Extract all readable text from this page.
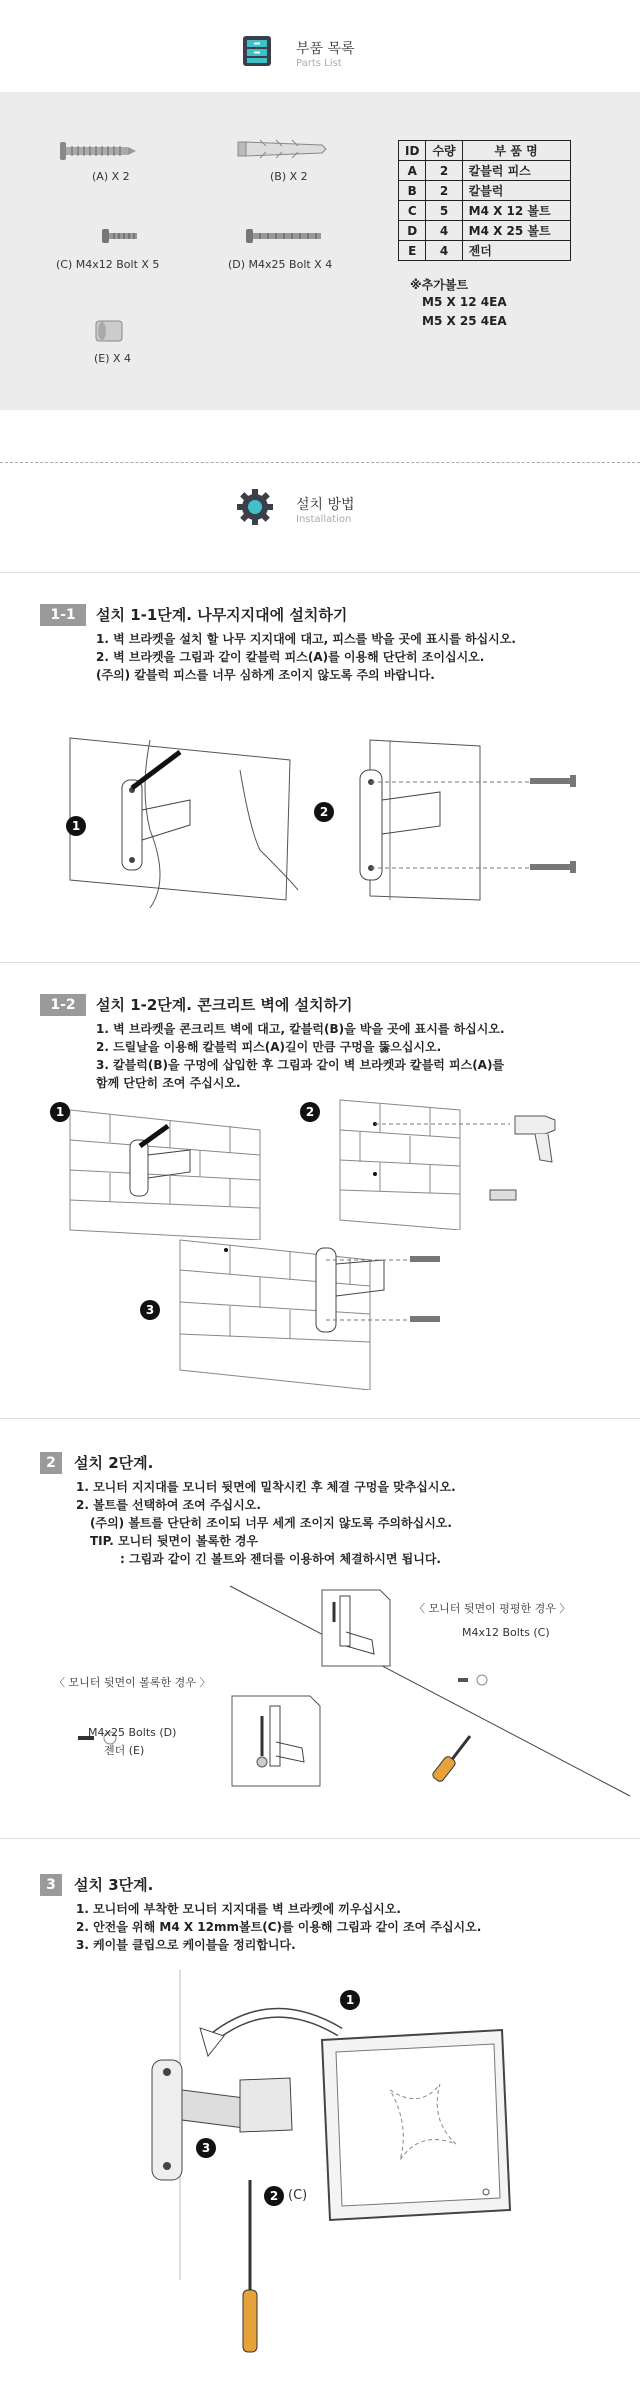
부품 목록
Parts List
(A) X 2	(B) X 2
(C) M4x12 Bolt X 5	(D) M4x25 Bolt X 4
(E) X 4
ID	수량	부 품 명
A	2	칼블럭 피스
B	2	칼블럭
C	5	M4 X 12 볼트
D	4	M4 X 25 볼트
E	4	젠더
※추가볼트
M5 X 12 4EA
M5 X 25 4EA
설치 방법
Installation
1-1	설치 1-1단계. 나무지지대에 설치하기
1. 벽 브라켓을 설치 할 나무 지지대에 대고, 피스를 박을 곳에 표시를 하십시오.
2. 벽 브라켓을 그림과 같이 칼블럭 피스(A)를 이용해 단단히 조이십시오.
(주의) 칼블럭 피스를 너무 심하게 조이지 않도록 주의 바랍니다.
1
2
1-2	설치 1-2단계. 콘크리트 벽에 설치하기
1. 벽 브라켓을 콘크리트 벽에 대고, 칼블럭(B)을 박을 곳에 표시를 하십시오.
2. 드릴날을 이용해 칼블럭 피스(A)길이 만큼 구멍을 뚫으십시오.
3. 칼블럭(B)을 구멍에 삽입한 후 그림과 같이 벽 브라켓과 칼블럭 피스(A)를
함께 단단히 조여 주십시오.
1	2
3
2	설치 2단계.
1. 모니터 지지대를 모니터 뒷면에 밀착시킨 후 체결 구멍을 맞추십시오.
2. 볼트를 선택하여 조여 주십시오.
(주의) 볼트를 단단히 조이되 너무 세게 조이지 않도록 주의하십시오.
TIP. 모니터 뒷면이 볼록한 경우
: 그림과 같이 긴 볼트와 젠더를 이용하여 체결하시면 됩니다.
〈 모니터 뒷면이 평평한 경우 〉
M4x12 Bolts (C)
〈 모니터 뒷면이 볼록한 경우 〉
M4x25 Bolts (D)
젠더 (E)
3	설치 3단계.
1. 모니터에 부착한 모니터 지지대를 벽 브라켓에 끼우십시오.
2. 안전을 위해 M4 X 12mm볼트(C)를 이용해 그림과 같이 조여 주십시오.
3. 케이블 클립으로 케이블을 정리합니다.
1
3
2 (C)
